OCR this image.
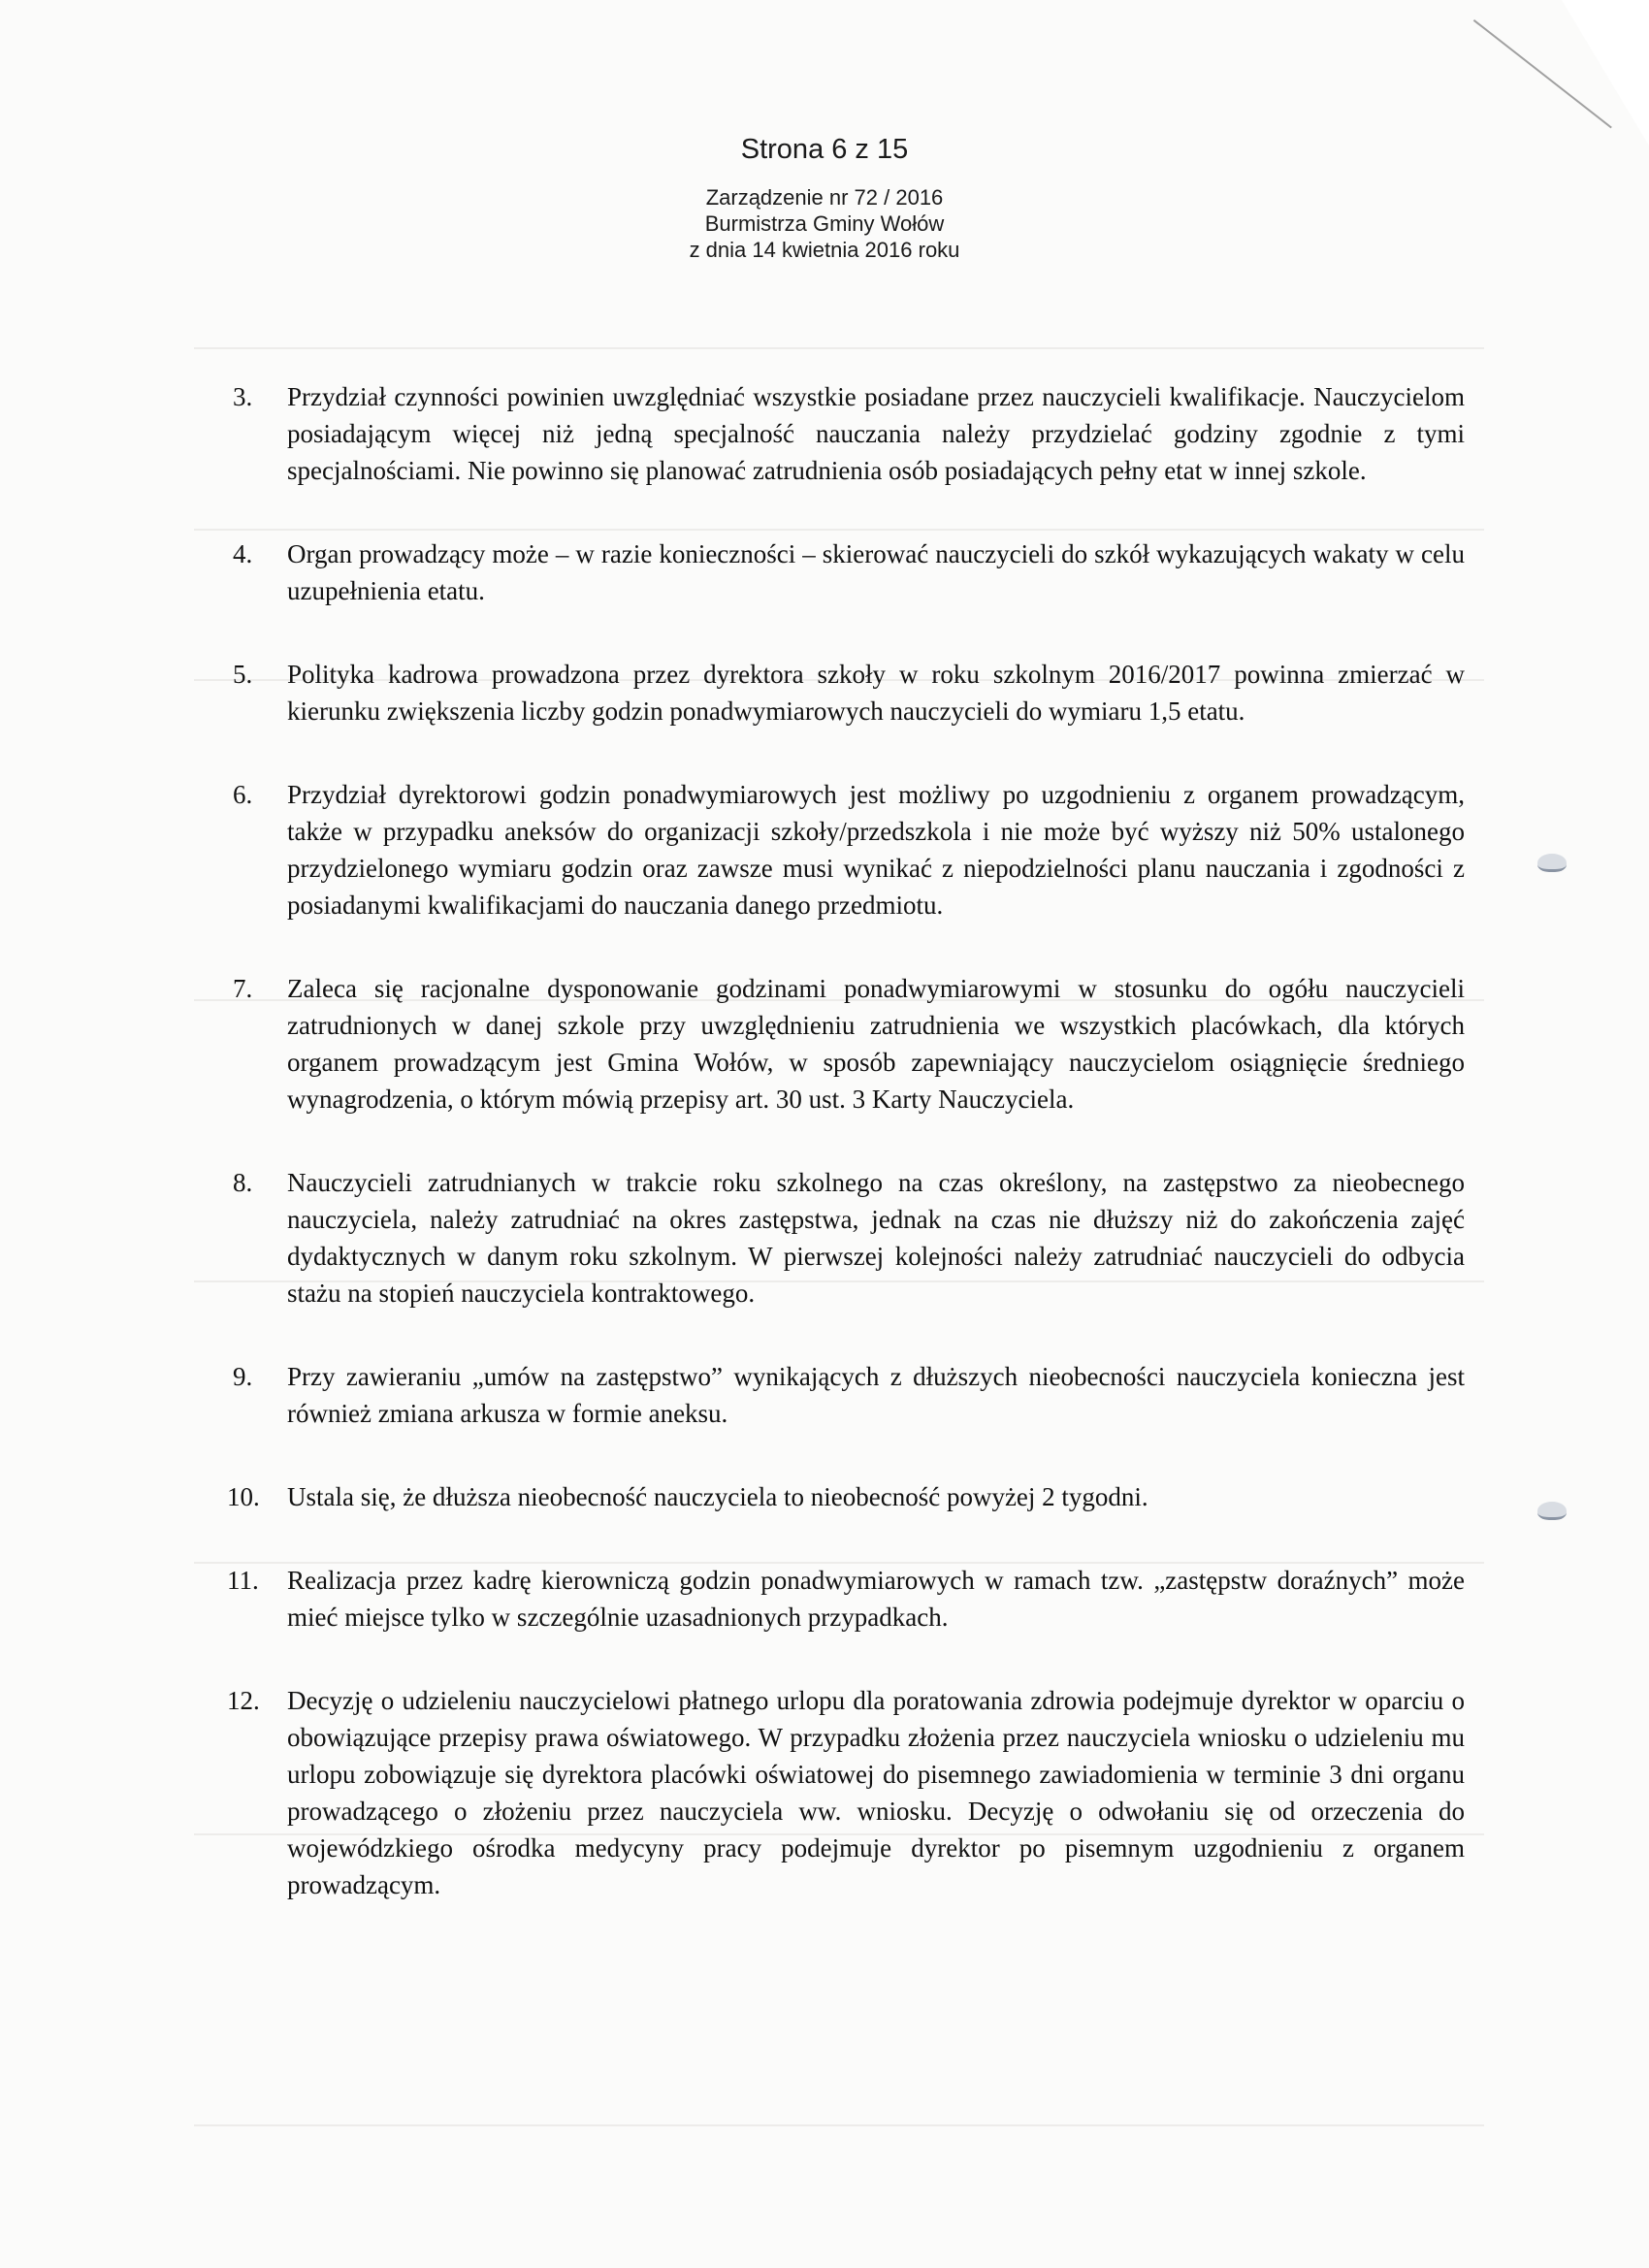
Strona 6 z 15
Zarządzenie nr 72 / 2016
Burmistrza Gminy Wołów
z dnia 14 kwietnia 2016 roku
3.	Przydział czynności powinien uwzględniać wszystkie posiadane przez nauczycieli kwalifikacje. Nauczycielom posiadającym więcej niż jedną specjalność nauczania należy przydzielać godziny zgodnie z tymi specjalnościami. Nie powinno się planować zatrudnienia osób posiadających pełny etat w innej szkole.
4.	Organ prowadzący może – w razie konieczności – skierować nauczycieli do szkół wykazujących wakaty w celu uzupełnienia etatu.
5.	Polityka kadrowa prowadzona przez dyrektora szkoły w roku szkolnym 2016/2017 powinna zmierzać w kierunku zwiększenia liczby godzin ponadwymiarowych nauczycieli do wymiaru 1,5 etatu.
6.	Przydział dyrektorowi godzin ponadwymiarowych jest możliwy po uzgodnieniu z organem prowadzącym, także w przypadku aneksów do organizacji szkoły/przedszkola i nie może być wyższy niż 50% ustalonego przydzielonego wymiaru godzin oraz zawsze musi wynikać z niepodzielności planu nauczania i zgodności z posiadanymi kwalifikacjami do nauczania danego przedmiotu.
7.	Zaleca się racjonalne dysponowanie godzinami ponadwymiarowymi w stosunku do ogółu nauczycieli zatrudnionych w danej szkole przy uwzględnieniu zatrudnienia we wszystkich placówkach, dla których organem prowadzącym jest Gmina Wołów, w sposób zapewniający nauczycielom osiągnięcie średniego wynagrodzenia, o którym mówią przepisy art. 30 ust. 3 Karty Nauczyciela.
8.	Nauczycieli zatrudnianych w trakcie roku szkolnego na czas określony, na zastępstwo za nieobecnego nauczyciela, należy zatrudniać na okres zastępstwa, jednak na czas nie dłuższy niż do zakończenia zajęć dydaktycznych w danym roku szkolnym. W pierwszej kolejności należy zatrudniać nauczycieli do odbycia stażu na stopień nauczyciela kontraktowego.
9.	Przy zawieraniu „umów na zastępstwo” wynikających z dłuższych nieobecności nauczyciela konieczna jest również zmiana arkusza w formie aneksu.
10.	Ustala się, że dłuższa nieobecność nauczyciela to nieobecność powyżej 2 tygodni.
11.	Realizacja przez kadrę kierowniczą godzin ponadwymiarowych w ramach tzw. „zastępstw doraźnych” może mieć miejsce tylko w szczególnie uzasadnionych przypadkach.
12.	Decyzję o udzieleniu nauczycielowi płatnego urlopu dla poratowania zdrowia podejmuje dyrektor w oparciu o obowiązujące przepisy prawa oświatowego. W przypadku złożenia przez nauczyciela wniosku o udzieleniu mu urlopu zobowiązuje się dyrektora placówki oświatowej do pisemnego zawiadomienia w terminie 3 dni organu prowadzącego o złożeniu przez nauczyciela ww. wniosku. Decyzję o odwołaniu się od orzeczenia do wojewódzkiego ośrodka medycyny pracy podejmuje dyrektor po pisemnym uzgodnieniu z organem prowadzącym.
